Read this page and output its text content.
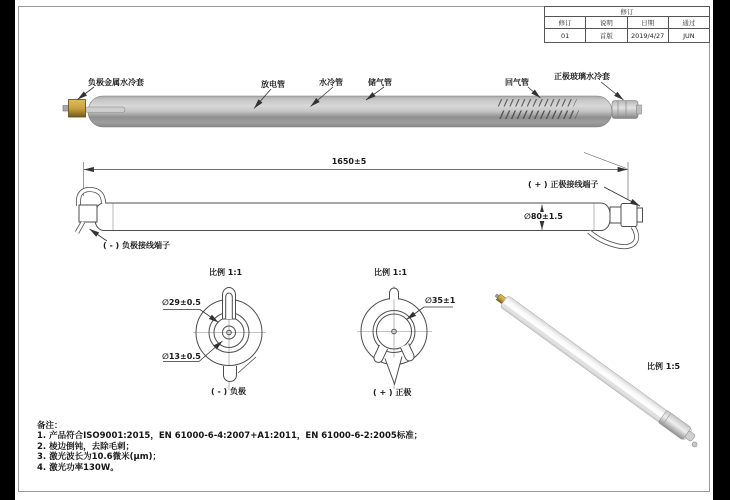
修订			
修订	说明	日期	通过
01	首版	2019/4/27	JUN
负极金属水冷套	放电管	水冷管	储气管	回气管
正极玻璃水冷套
1650±5
∅80±1.5
( - ) 负极接线端子
( + ) 正极接线端子
比例 1:1
∅29±0.5
∅13±0.5
( - ) 负极
比例 1:1
∅35±1
( + ) 正极
比例 1:5
备注：
1. 产品符合ISO9001:2015，EN 61000-6-4:2007+A1:2011，EN 61000-6-2:2005标准；
2. 棱边倒钝，去除毛刺；
3. 激光波长为10.6微米(μm)；
4. 激光功率130W。
